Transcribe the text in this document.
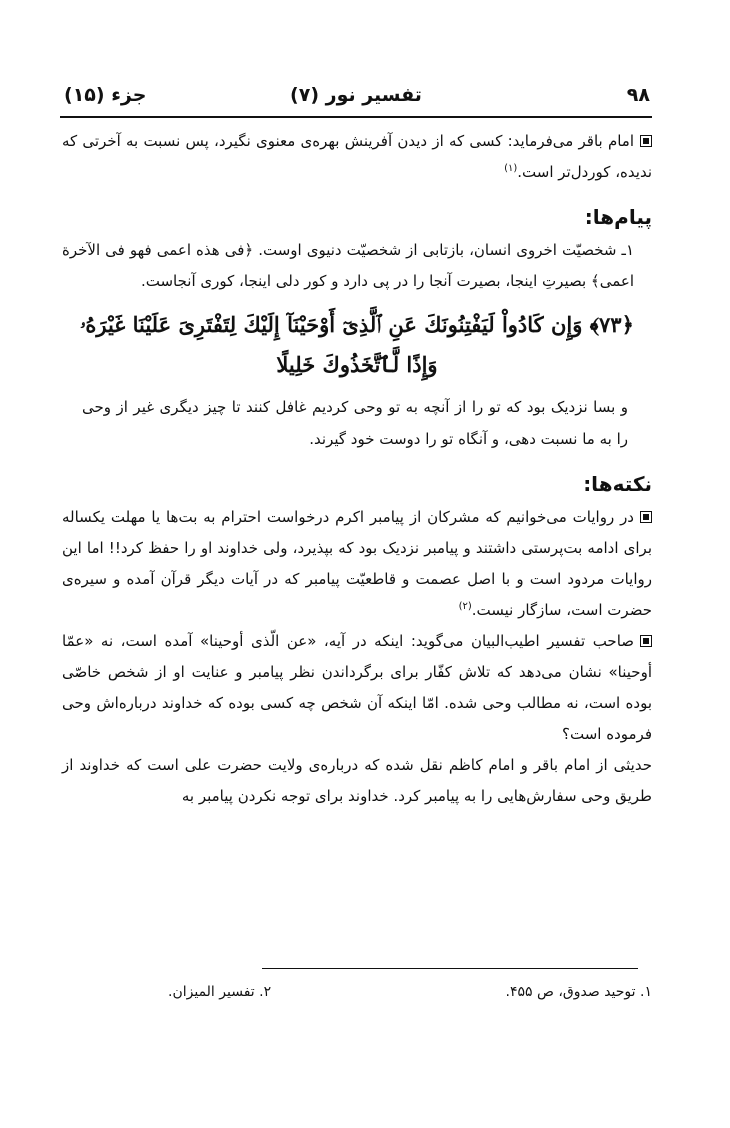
۹۸
تفسیر نور (۷)
جزء (۱۵)

امام باقر می‌فرماید: کسی که از دیدن آفرینش بهره‌ی معنوی نگیرد، پس نسبت به آخرتی که ندیده، کوردل‌تر است.$^{(۱)}$

پیام‌ها:

۱ـ شخصیّت اخروی انسان، بازتابی از شخصیّت دنیوی اوست. ﴿فی هذه اعمی فهو فی الآخرة اعمی﴾ بصیرتِ اینجا، بصیرت آنجا را در پی دارد و کور دلی اینجا، کوری آنجاست.

﴿۷۳﴾ وَإِن كَادُواْ لَيَفْتِنُونَكَ عَنِ ٱلَّذِىٓ أَوْحَيْنَآ إِلَيْكَ لِتَفْتَرِىَ عَلَيْنَا غَيْرَهُۥ
وَإِذًا لَّٱتَّخَذُوكَ خَلِيلًا

و بسا نزدیک بود که تو را از آنچه به تو وحی کردیم غافل کنند تا چیز دیگری غیر از وحی را به ما نسبت دهی، و آنگاه تو را دوست خود گیرند.

نکته‌ها:

در روایات می‌خوانیم که مشرکان از پیامبر اکرم درخواست احترام به بت‌ها یا مهلت یکساله برای ادامه بت‌پرستی داشتند و پیامبر نزدیک بود که بپذیرد، ولی خداوند او را حفظ کرد!! اما این روایات مردود است و با اصل عصمت و قاطعیّت پیامبر که در آیات دیگر قرآن آمده و سیره‌ی حضرت است، سازگار نیست.$^{(۲)}$

صاحب تفسیر اطیب‌البیان می‌گوید: اینکه در آیه، «عن الّذی أوحینا» آمده است، نه «عمّا أوحینا» نشان می‌دهد که تلاش کفّار برای برگرداندن نظر پیامبر و عنایت او از شخص خاصّی بوده است، نه مطالب وحی شده. امّا اینکه آن شخص چه کسی بوده که خداوند درباره‌اش وحی فرموده است؟

حدیثی از امام باقر و امام کاظم نقل شده که درباره‌ی ولایت حضرت علی است که خداوند از طریق وحی سفارش‌هایی را به پیامبر کرد. خداوند برای توجه نکردن پیامبر به

۱. توحید صدوق، ص ۴۵۵.
۲. تفسیر المیزان.
